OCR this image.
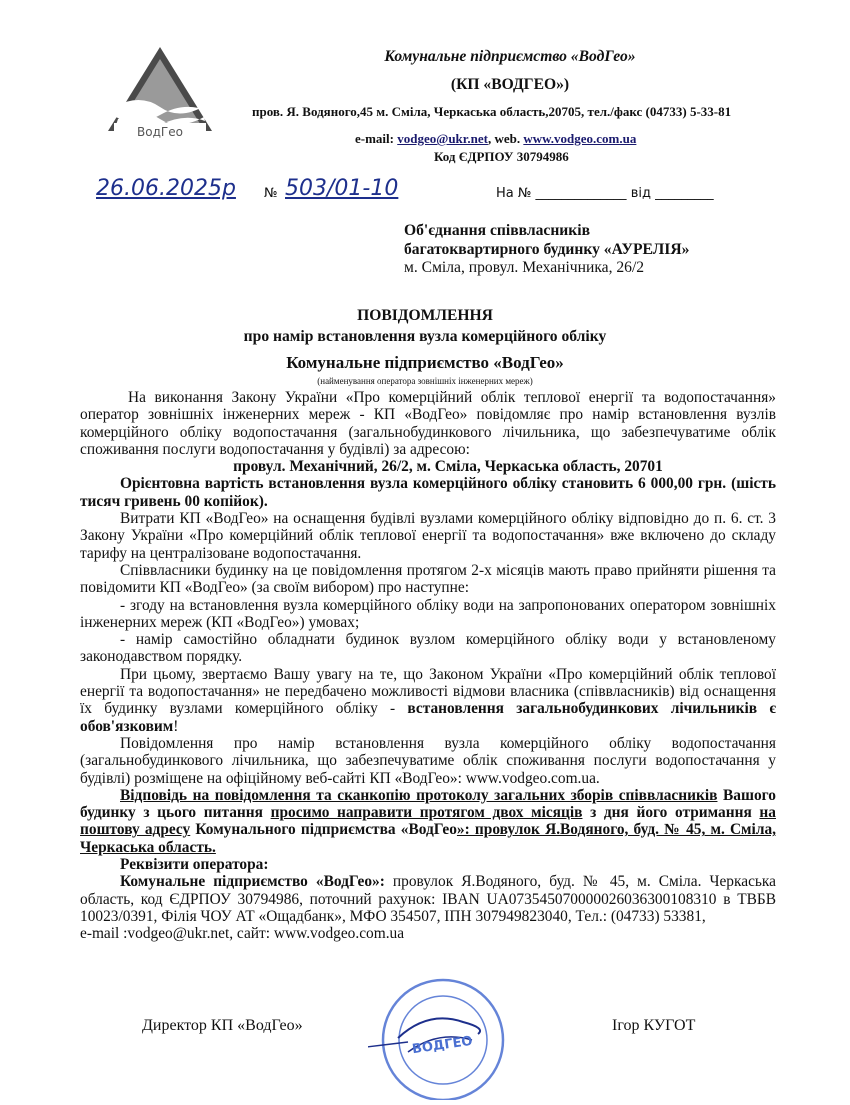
ВодГео
Комунальне підприємство «ВодГео»
(КП «ВОДГЕО»)
пров. Я. Водяного,45 м. Сміла, Черкаська область,20705, тел./факс (04733) 5-33-81
e-mail: vodgeo@ukr.net, web. www.vodgeo.com.ua
Код ЄДРПОУ 30794986
26.06.2025р № 503/01-10	На № ______________ від _________
Об'єднання співвласників
багатоквартирного будинку «АУРЕЛІЯ»
м. Сміла, провул. Механічника, 26/2
ПОВІДОМЛЕННЯ
про намір встановлення вузла комерційного обліку
Комунальне підприємство «ВодГео»
(найменування оператора зовнішніх інженерних мереж)
На виконання Закону України «Про комерційний облік теплової енергії та водопостачання» оператор зовнішніх інженерних мереж - КП «ВодГео» повідомляє про намір встановлення вузлів комерційного обліку водопостачання (загальнобудинкового лічильника, що забезпечуватиме облік споживання послуги водопостачання у будівлі) за адресою:
провул. Механічний, 26/2, м. Сміла, Черкаська область, 20701
Орієнтовна вартість встановлення вузла комерційного обліку становить 6 000,00 грн. (шість тисяч гривень 00 копійок).
Витрати КП «ВодГео» на оснащення будівлі вузлами комерційного обліку відповідно до п. 6. ст. 3 Закону України «Про комерційний облік теплової енергії та водопостачання» вже включено до складу тарифу на централізоване водопостачання.
Співвласники будинку на це повідомлення протягом 2-х місяців мають право прийняти рішення та повідомити КП «ВодГео» (за своїм вибором) про наступне:
- згоду на встановлення вузла комерційного обліку води на запропонованих оператором зовнішніх інженерних мереж (КП «ВодГео») умовах;
- намір самостійно обладнати будинок вузлом комерційного обліку води у встановленому законодавством порядку.
При цьому, звертаємо Вашу увагу на те, що Законом України «Про комерційний облік теплової енергії та водопостачання» не передбачено можливості відмови власника (співвласників) від оснащення їх будинку вузлами комерційного обліку - встановлення загальнобудинкових лічильників є обов'язковим!
Повідомлення про намір встановлення вузла комерційного обліку водопостачання (загальнобудинкового лічильника, що забезпечуватиме облік споживання послуги водопостачання у будівлі) розміщене на офіційному веб-сайті КП «ВодГео»: www.vodgeo.com.ua.
Відповідь на повідомлення та сканкопію протоколу загальних зборів співвласників Вашого будинку з цього питання просимо направити протягом двох місяців з дня його отримання на поштову адресу Комунального підприємства «ВодГео»: провулок Я.Водяного, буд. № 45, м. Сміла, Черкаська область.
Реквізити оператора:
Комунальне підприємство «ВодГео»: провулок Я.Водяного, буд. № 45, м. Сміла. Черкаська область, код ЄДРПОУ 30794986, поточний рахунок: IBAN UA073545070000026036300108310 в ТВБВ 10023/0391, Філія ЧОУ АТ «Ощадбанк», МФО 354507, ІПН 307949823040, Тел.: (04733) 53381,
e-mail :vodgeo@ukr.net, сайт: www.vodgeo.com.ua
Директор КП «ВодГео»	Ігор КУГОТ
ВОДГЕО
